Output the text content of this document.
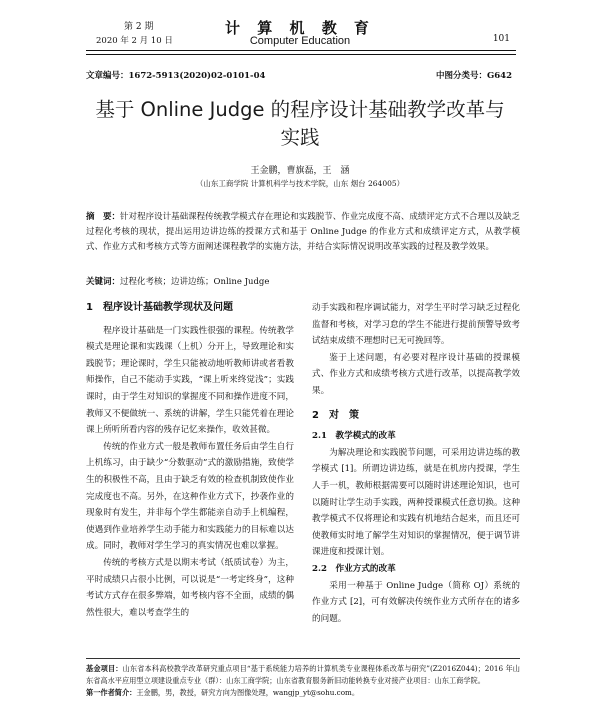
第 2 期
2020 年 2 月 10 日
计 算 机 教 育
Computer Education	101
文章编号：1672-5913(2020)02-0101-04	中图分类号：G642
基于 Online Judge 的程序设计基础教学改革与
实践
王金鹏，曹旗磊，王　涵
（山东工商学院 计算机科学与技术学院，山东 烟台 264005）
摘　要：针对程序设计基础课程传统教学模式存在理论和实践脱节、作业完成度不高、成绩评定方式不合理以及缺乏过程化考核的现状，提出运用边讲边练的授课方式和基于 Online Judge 的作业方式和成绩评定方式，从教学模式、作业方式和考核方式等方面阐述课程教学的实施方法，并结合实际情况说明改革实践的过程及教学效果。
关键词：过程化考核；边讲边练；Online Judge

1　程序设计基础教学现状及问题

程序设计基础是一门实践性很强的课程。传统教学模式是理论课和实践课（上机）分开上，导致理论和实践脱节；理论课时，学生只能被动地听教师讲或者看教师操作，自己不能动手实践，“课上听来终觉浅”；实践课时，由于学生对知识的掌握度不同和操作进度不同，教师又不便做统一、系统的讲解，学生只能凭着在理论课上所听所看内容的残存记忆来操作，收效甚微。

传统的作业方式一般是教师布置任务后由学生自行上机练习，由于缺少“分数驱动”式的激励措施，致使学生的积极性不高，且由于缺乏有效的检查机制致使作业完成度也不高。另外，在这种作业方式下，抄袭作业的现象时有发生，并非每个学生都能亲自动手上机编程，使遇到作业培养学生动手能力和实践能力的目标难以达成。同时，教师对学生学习的真实情况也难以掌握。

传统的考核方式是以期末考试（纸质试卷）为主，平时成绩只占很小比例，可以说是“一考定终身”，这种考试方式存在很多弊端，如考核内容不全面，成绩的偶然性很大，难以考查学生的

动手实践和程序调试能力，对学生平时学习缺乏过程化监督和考核，对学习怠的学生不能进行提前预警导致考试结束成绩不理想时已无可挽回等。

鉴于上述问题，有必要对程序设计基础的授课模式、作业方式和成绩考核方式进行改革，以提高教学效果。

2　对　策

2.1　教学模式的改革

为解决理论和实践脱节问题，可采用边讲边练的教学模式 [1]。所谓边讲边练，就是在机房内授课，学生人手一机，教师根据需要可以随时讲述理论知识，也可以随时让学生动手实践，两种授课模式任意切换。这种教学模式不仅将理论和实践有机地结合起来，而且还可使教师实时地了解学生对知识的掌握情况，便于调节讲课进度和授课计划。

2.2　作业方式的改革

采用一种基于 Online Judge（简称 OJ）系统的作业方式 [2]，可有效解决传统作业方式所存在的诸多的问题。

基金项目：山东省本科高校教学改革研究重点项目“基于系统能力培养的计算机类专业课程体系改革与研究”(Z2016Z044)；2016 年山东省高水平应用型立项建设重点专业（群）：山东工商学院；山东省教育服务新旧动能转换专业对接产业项目：山东工商学院。
第一作者简介：王金鹏，男，教授，研究方向为图像处理，wangjp_yt@sohu.com。
